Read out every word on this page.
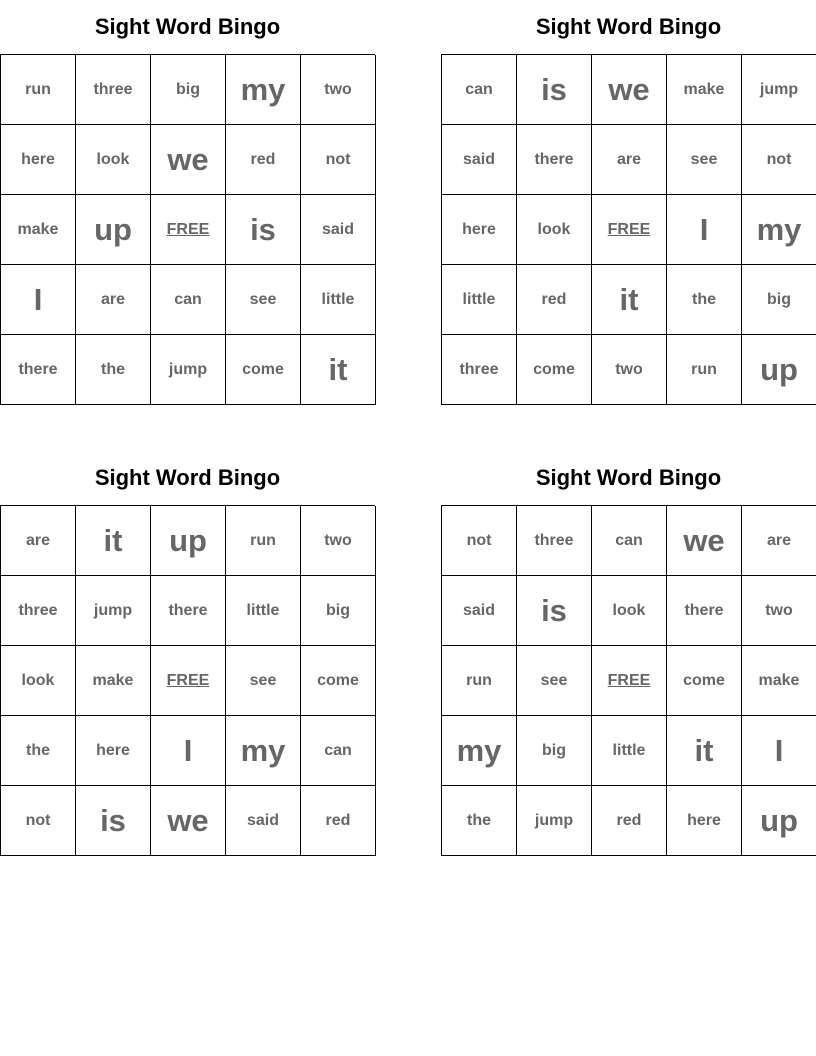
Sight Word Bingo
run	three	big	my	two
here	look	we	red	not
make	up	FREE	is	said
I	are	can	see	little
there	the	jump	come	it
Sight Word Bingo
can	is	we	make	jump
said	there	are	see	not
here	look	FREE	I	my
little	red	it	the	big
three	come	two	run	up
Sight Word Bingo
are	it	up	run	two
three	jump	there	little	big
look	make	FREE	see	come
the	here	I	my	can
not	is	we	said	red
Sight Word Bingo
not	three	can	we	are
said	is	look	there	two
run	see	FREE	come	make
my	big	little	it	I
the	jump	red	here	up
